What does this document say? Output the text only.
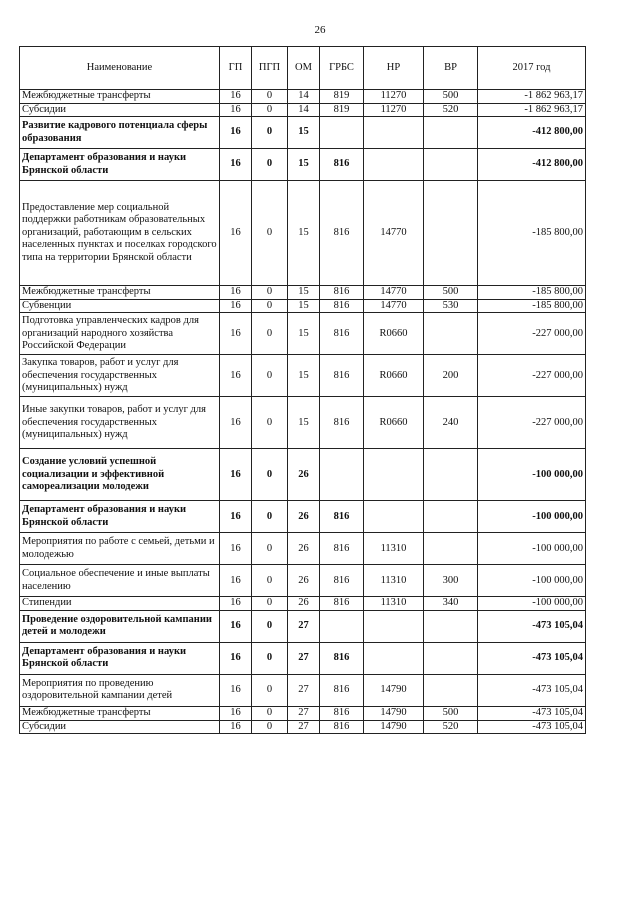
26
Наименование	ГП	ПГП	ОМ	ГРБС	НР	ВР	2017 год
Межбюджетные трансферты	16	0	14	819	11270	500	-1 862 963,17
Субсидии	16	0	14	819	11270	520	-1 862 963,17
Развитие кадрового потенциала сферы образования	16	0	15				-412 800,00
Департамент образования и науки Брянской области	16	0	15	816			-412 800,00
Предоставление мер социальной поддержки работникам образовательных организаций, работающим в сельских населенных пунктах и поселках городского типа на территории Брянской области	16	0	15	816	14770		-185 800,00
Межбюджетные трансферты	16	0	15	816	14770	500	-185 800,00
Субвенции	16	0	15	816	14770	530	-185 800,00
Подготовка управленческих кадров для организаций народного хозяйства Российской Федерации	16	0	15	816	R0660		-227 000,00
Закупка товаров, работ и услуг для обеспечения государственных (муниципальных) нужд	16	0	15	816	R0660	200	-227 000,00
Иные закупки товаров, работ и услуг для обеспечения государственных (муниципальных) нужд	16	0	15	816	R0660	240	-227 000,00
Создание условий успешной социализации и эффективной самореализации молодежи	16	0	26				-100 000,00
Департамент образования и науки Брянской области	16	0	26	816			-100 000,00
Мероприятия по работе с семьей, детьми и молодежью	16	0	26	816	11310		-100 000,00
Социальное обеспечение и иные выплаты населению	16	0	26	816	11310	300	-100 000,00
Стипендии	16	0	26	816	11310	340	-100 000,00
Проведение оздоровительной кампании детей и молодежи	16	0	27				-473 105,04
Департамент образования и науки Брянской области	16	0	27	816			-473 105,04
Мероприятия по проведению оздоровительной кампании детей	16	0	27	816	14790		-473 105,04
Межбюджетные трансферты	16	0	27	816	14790	500	-473 105,04
Субсидии	16	0	27	816	14790	520	-473 105,04
